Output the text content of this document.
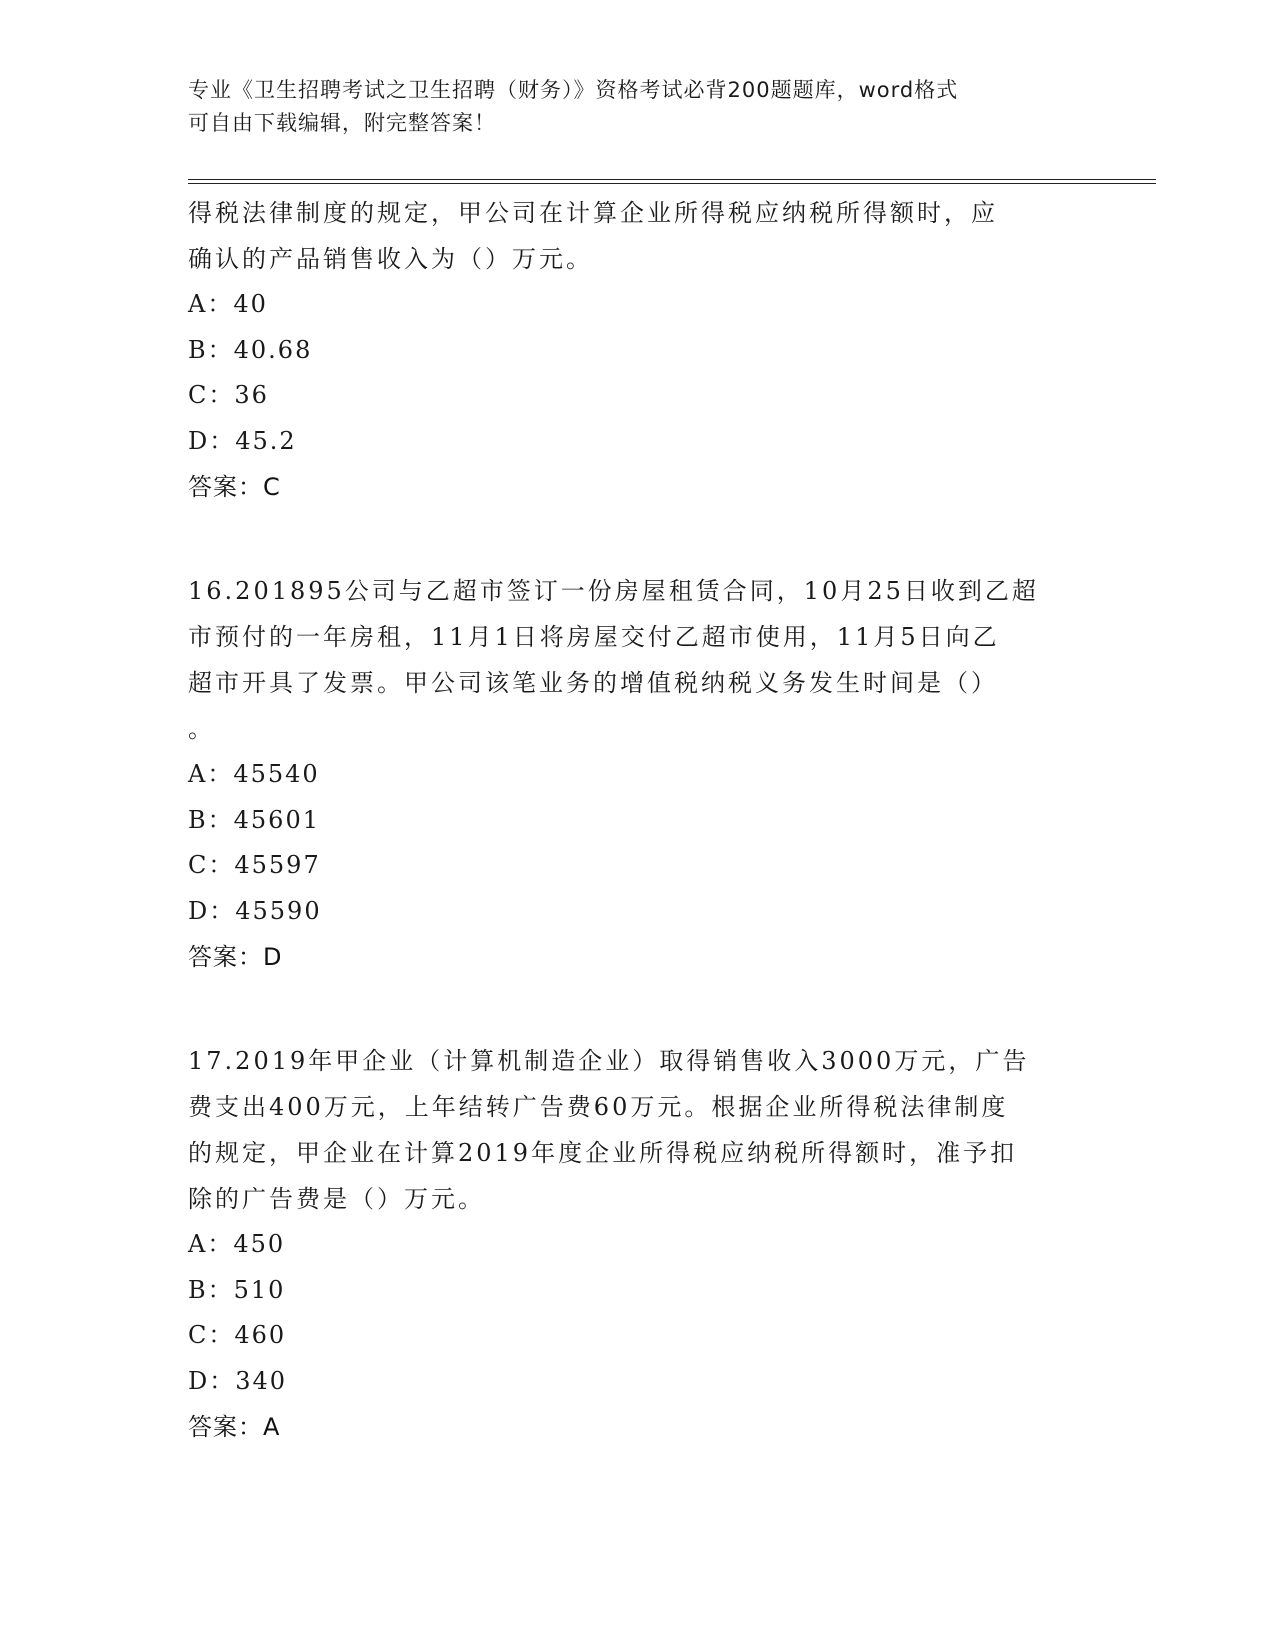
专业《卫生招聘考试之卫生招聘（财务）》资格考试必背200题题库，word格式
可自由下载编辑，附完整答案！

得税法律制度的规定，甲公司在计算企业所得税应纳税所得额时，应

确认的产品销售收入为（）万元。

A：40

B：40.68

C：36

D：45.2

答案：C

16.201895公司与乙超市签订一份房屋租赁合同，10月25日收到乙超

市预付的一年房租，11月1日将房屋交付乙超市使用，11月5日向乙

超市开具了发票。甲公司该笔业务的增值税纳税义务发生时间是（）

。

A：45540

B：45601

C：45597

D：45590

答案：D

17.2019年甲企业（计算机制造企业）取得销售收入3000万元，广告

费支出400万元，上年结转广告费60万元。根据企业所得税法律制度

的规定，甲企业在计算2019年度企业所得税应纳税所得额时，准予扣

除的广告费是（）万元。

A：450

B：510

C：460

D：340

答案：A
